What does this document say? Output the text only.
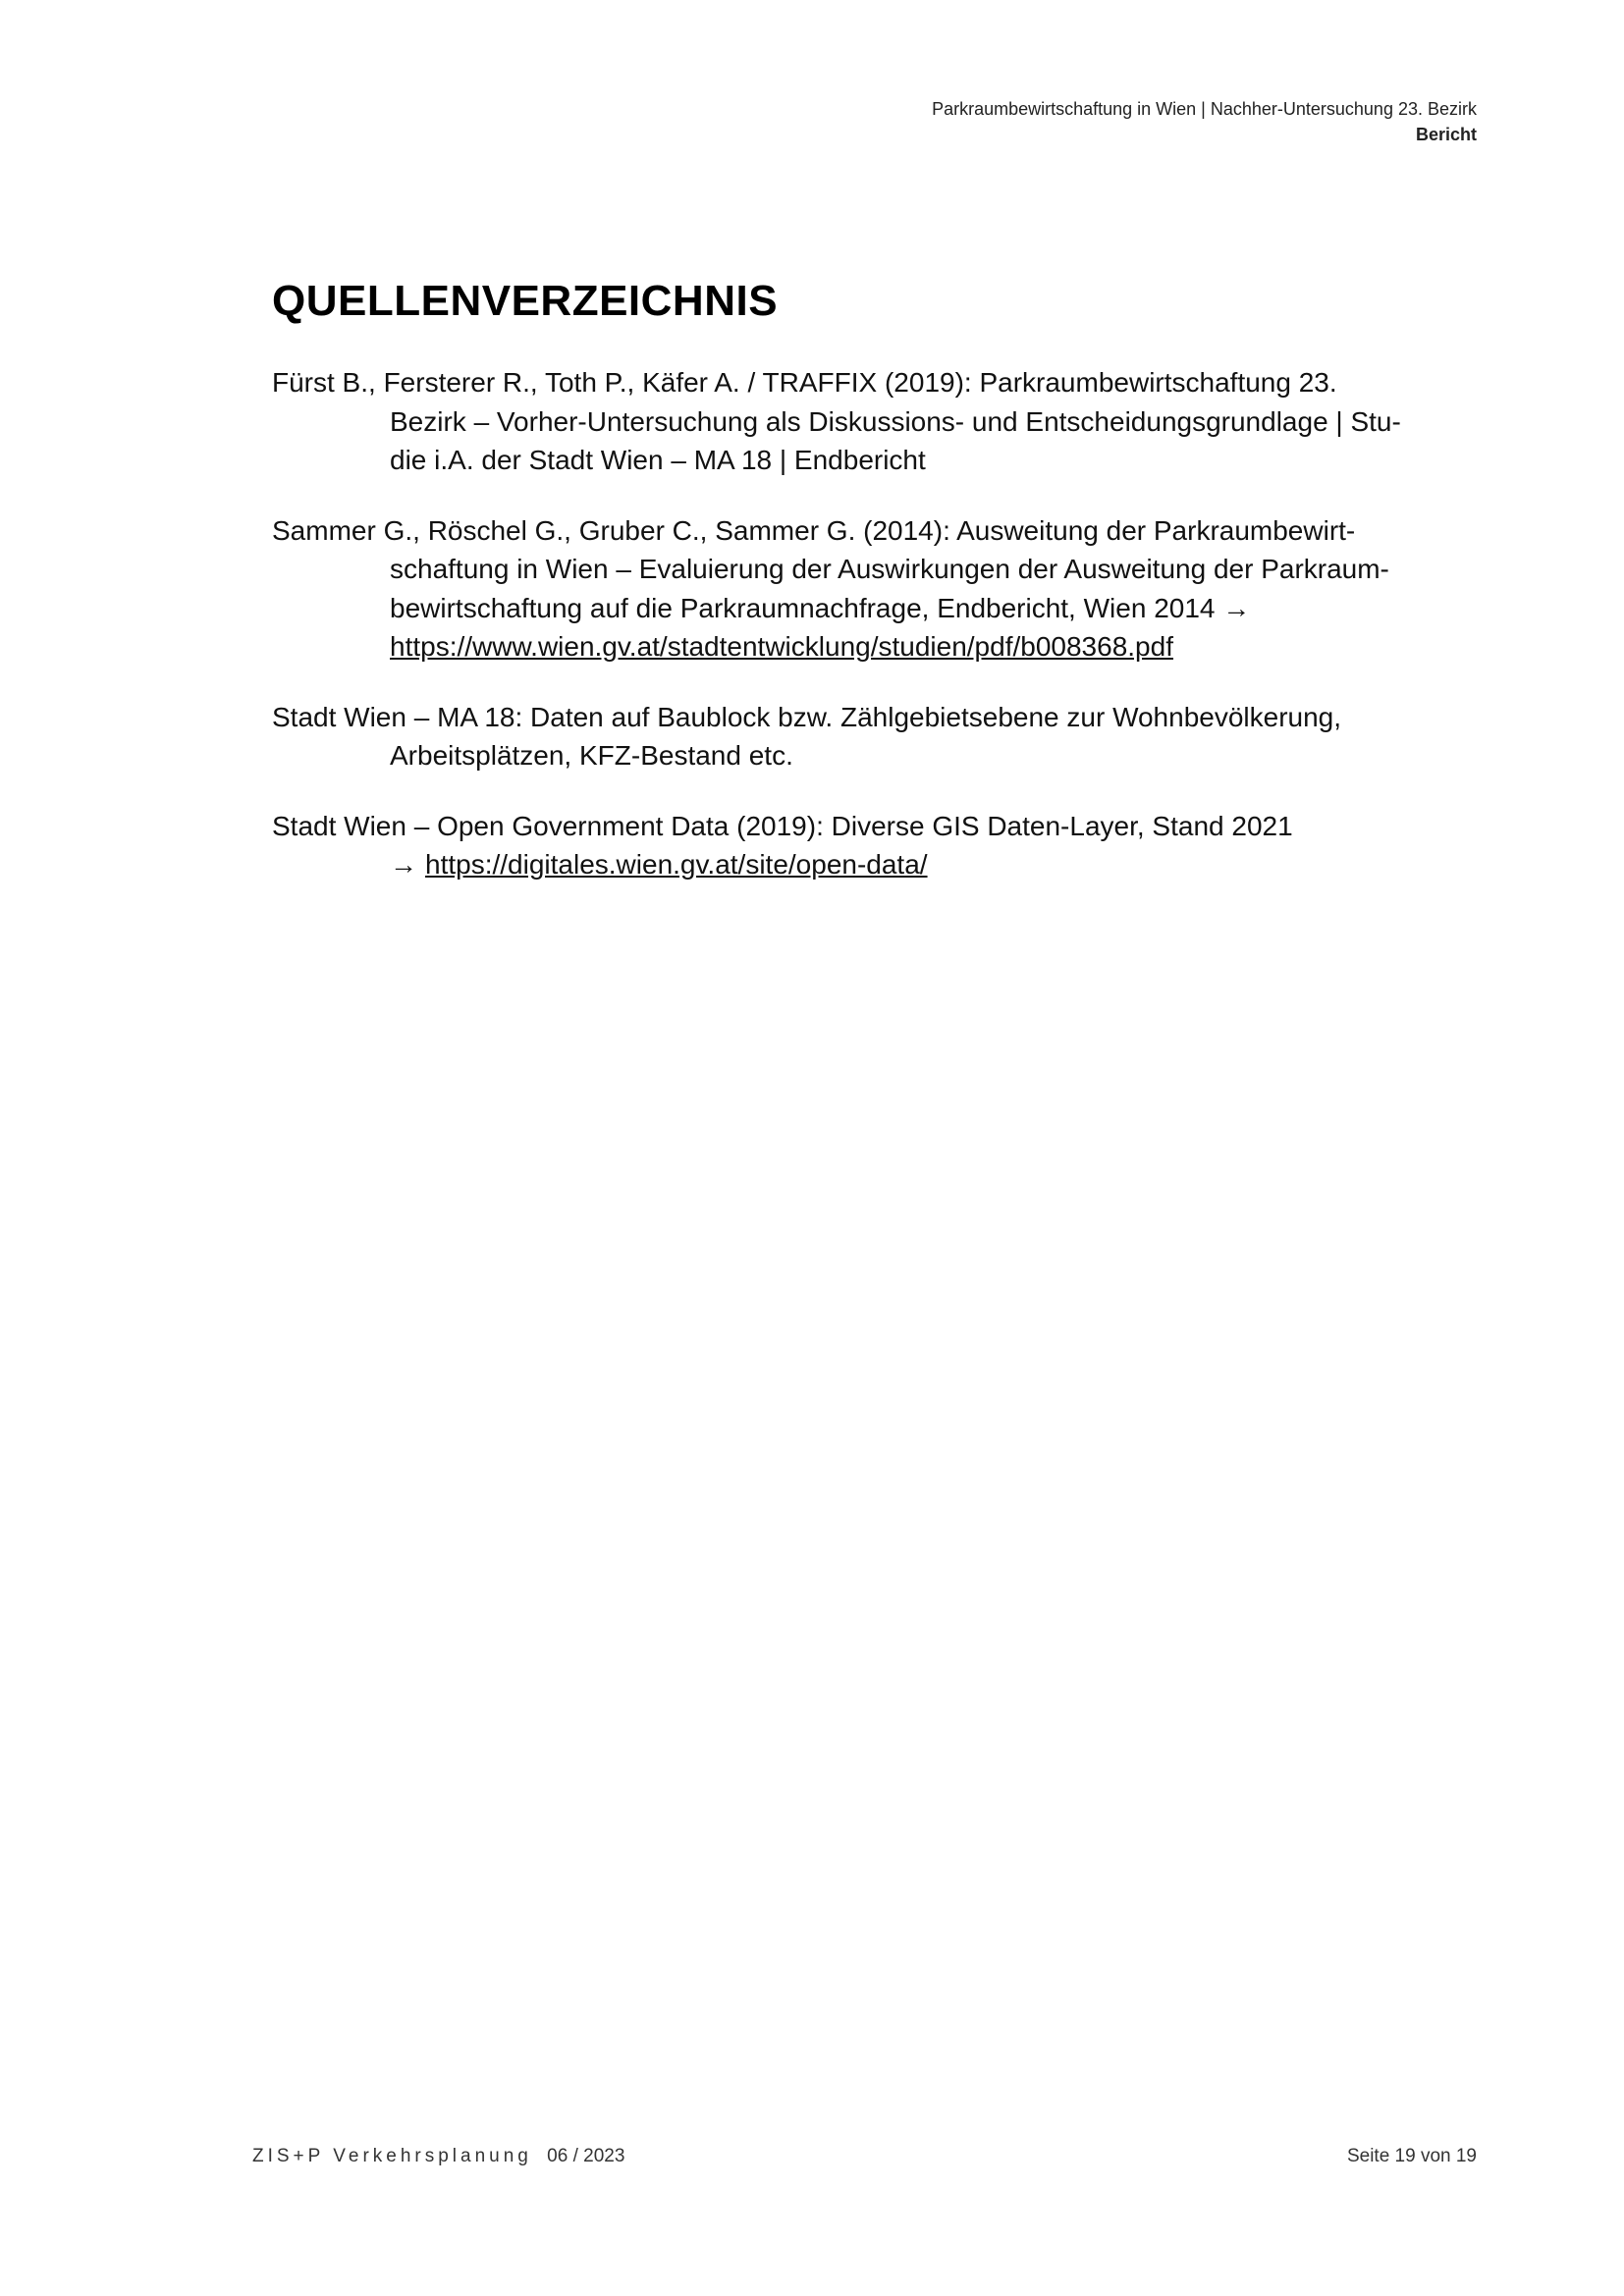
Parkraumbewirtschaftung in Wien | Nachher-Untersuchung 23. Bezirk
Bericht
QUELLENVERZEICHNIS

Fürst B., Fersterer R., Toth P., Käfer A. / TRAFFIX (2019): Parkraumbewirtschaftung 23.
Bezirk – Vorher-Untersuchung als Diskussions- und Entscheidungsgrundlage | Stu-
die i.A. der Stadt Wien – MA 18 | Endbericht

Sammer G., Röschel G., Gruber C., Sammer G. (2014): Ausweitung der Parkraumbewirt-
schaftung in Wien – Evaluierung der Auswirkungen der Ausweitung der Parkraum-
bewirtschaftung auf die Parkraumnachfrage, Endbericht, Wien 2014 →
https://www.wien.gv.at/stadtentwicklung/studien/pdf/b008368.pdf

Stadt Wien – MA 18: Daten auf Baublock bzw. Zählgebietsebene zur Wohnbevölkerung,
Arbeitsplätzen, KFZ-Bestand etc.

Stadt Wien – Open Government Data (2019): Diverse GIS Daten-Layer, Stand 2021
→ https://digitales.wien.gv.at/site/open-data/

ZIS+P Verkehrsplanung 06 / 2023	Seite 19 von 19
